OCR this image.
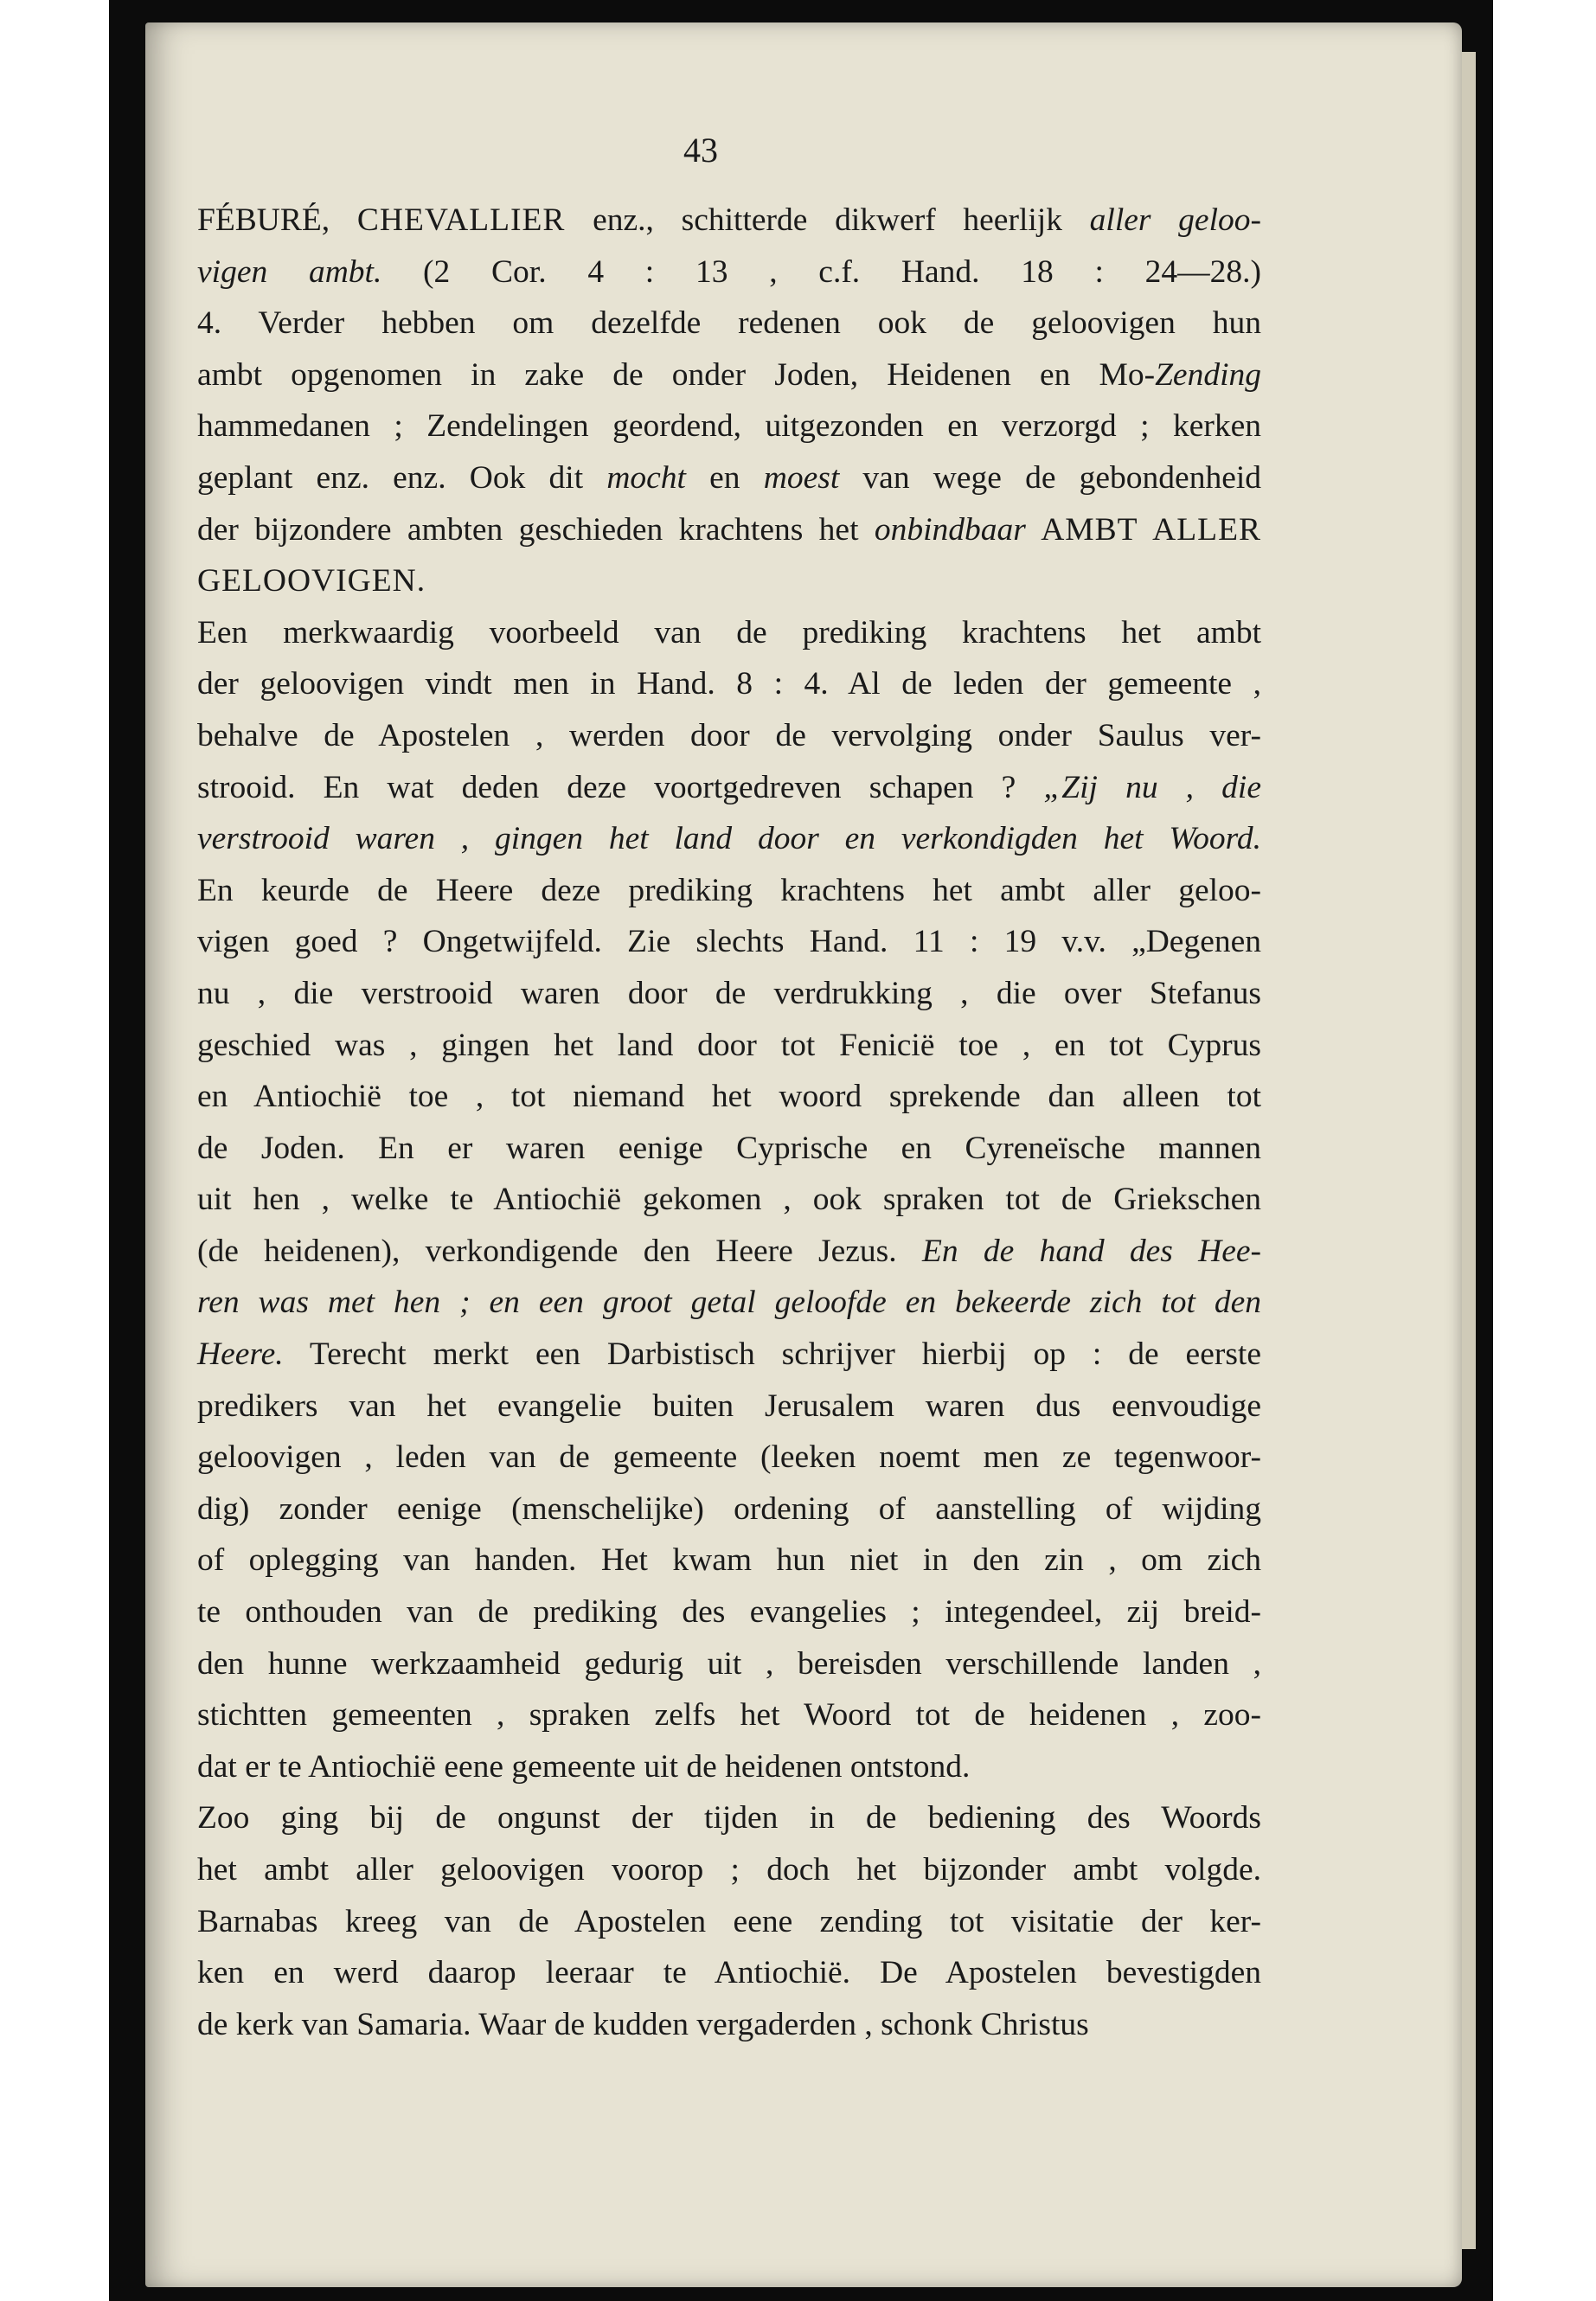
43
FÉBURÉ, CHEVALLIER enz., schitterde dikwerf heerlijk aller geloo-
vigen ambt. (2 Cor. 4 : 13 , c.f. Hand. 18 : 24—28.)
4. Verder hebben om dezelfde redenen ook de geloovigen hun
ambt opgenomen in zake de onder Joden, Heidenen en Mo-Zending
hammedanen ; Zendelingen geordend, uitgezonden en verzorgd ; kerken
geplant enz. enz. Ook dit mocht en moest van wege de gebondenheid
der bijzondere ambten geschieden krachtens het onbindbaar AMBT ALLER
GELOOVIGEN.
Een merkwaardig voorbeeld van de prediking krachtens het ambt
der geloovigen vindt men in Hand. 8 : 4. Al de leden der gemeente ,
behalve de Apostelen , werden door de vervolging onder Saulus ver-
strooid. En wat deden deze voortgedreven schapen ? „Zij nu , die
verstrooid waren , gingen het land door en verkondigden het Woord.
En keurde de Heere deze prediking krachtens het ambt aller geloo-
vigen goed ? Ongetwijfeld. Zie slechts Hand. 11 : 19 v.v. „Degenen
nu , die verstrooid waren door de verdrukking , die over Stefanus
geschied was , gingen het land door tot Fenicië toe , en tot Cyprus
en Antiochië toe , tot niemand het woord sprekende dan alleen tot
de Joden. En er waren eenige Cyprische en Cyreneïsche mannen
uit hen , welke te Antiochië gekomen , ook spraken tot de Griekschen
(de heidenen), verkondigende den Heere Jezus. En de hand des Hee-
ren was met hen ; en een groot getal geloofde en bekeerde zich tot den
Heere. Terecht merkt een Darbistisch schrijver hierbij op : de eerste
predikers van het evangelie buiten Jerusalem waren dus eenvoudige
geloovigen , leden van de gemeente (leeken noemt men ze tegenwoor-
dig) zonder eenige (menschelijke) ordening of aanstelling of wijding
of oplegging van handen. Het kwam hun niet in den zin , om zich
te onthouden van de prediking des evangelies ; integendeel, zij breid-
den hunne werkzaamheid gedurig uit , bereisden verschillende landen ,
stichtten gemeenten , spraken zelfs het Woord tot de heidenen , zoo-
dat er te Antiochië eene gemeente uit de heidenen ontstond.
Zoo ging bij de ongunst der tijden in de bediening des Woords
het ambt aller geloovigen voorop ; doch het bijzonder ambt volgde.
Barnabas kreeg van de Apostelen eene zending tot visitatie der ker-
ken en werd daarop leeraar te Antiochië. De Apostelen bevestigden
de kerk van Samaria. Waar de kudden vergaderden , schonk Christus
